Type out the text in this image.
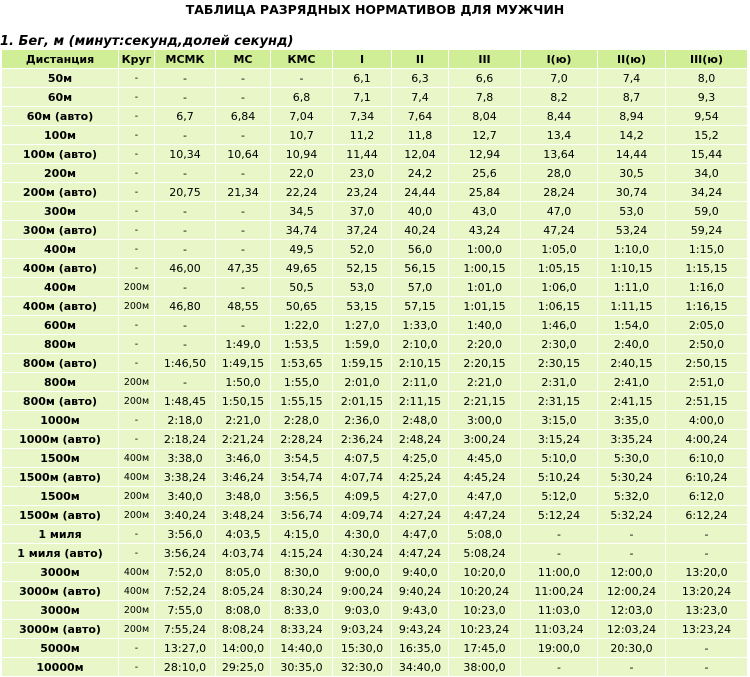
ТАБЛИЦА РАЗРЯДНЫХ НОРМАТИВОВ ДЛЯ МУЖЧИН
1. Бег, м (минут:секунд,долей секунд)
Дистанция	Круг	МСМК	МС	КМС	I	II	III	I(ю)	II(ю)	III(ю)
50м	-	-	-	-	6,1	6,3	6,6	7,0	7,4	8,0
60м	-	-	-	6,8	7,1	7,4	7,8	8,2	8,7	9,3
60м (авто)	-	6,7	6,84	7,04	7,34	7,64	8,04	8,44	8,94	9,54
100м	-	-	-	10,7	11,2	11,8	12,7	13,4	14,2	15,2
100м (авто)	-	10,34	10,64	10,94	11,44	12,04	12,94	13,64	14,44	15,44
200м	-	-	-	22,0	23,0	24,2	25,6	28,0	30,5	34,0
200м (авто)	-	20,75	21,34	22,24	23,24	24,44	25,84	28,24	30,74	34,24
300м	-	-	-	34,5	37,0	40,0	43,0	47,0	53,0	59,0
300м (авто)	-	-	-	34,74	37,24	40,24	43,24	47,24	53,24	59,24
400м	-	-	-	49,5	52,0	56,0	1:00,0	1:05,0	1:10,0	1:15,0
400м (авто)	-	46,00	47,35	49,65	52,15	56,15	1:00,15	1:05,15	1:10,15	1:15,15
400м	200м	-	-	50,5	53,0	57,0	1:01,0	1:06,0	1:11,0	1:16,0
400м (авто)	200м	46,80	48,55	50,65	53,15	57,15	1:01,15	1:06,15	1:11,15	1:16,15
600м	-	-	-	1:22,0	1:27,0	1:33,0	1:40,0	1:46,0	1:54,0	2:05,0
800м	-	-	1:49,0	1:53,5	1:59,0	2:10,0	2:20,0	2:30,0	2:40,0	2:50,0
800м (авто)	-	1:46,50	1:49,15	1:53,65	1:59,15	2:10,15	2:20,15	2:30,15	2:40,15	2:50,15
800м	200м	-	1:50,0	1:55,0	2:01,0	2:11,0	2:21,0	2:31,0	2:41,0	2:51,0
800м (авто)	200м	1:48,45	1:50,15	1:55,15	2:01,15	2:11,15	2:21,15	2:31,15	2:41,15	2:51,15
1000м	-	2:18,0	2:21,0	2:28,0	2:36,0	2:48,0	3:00,0	3:15,0	3:35,0	4:00,0
1000м (авто)	-	2:18,24	2:21,24	2:28,24	2:36,24	2:48,24	3:00,24	3:15,24	3:35,24	4:00,24
1500м	400м	3:38,0	3:46,0	3:54,5	4:07,5	4:25,0	4:45,0	5:10,0	5:30,0	6:10,0
1500м (авто)	400м	3:38,24	3:46,24	3:54,74	4:07,74	4:25,24	4:45,24	5:10,24	5:30,24	6:10,24
1500м	200м	3:40,0	3:48,0	3:56,5	4:09,5	4:27,0	4:47,0	5:12,0	5:32,0	6:12,0
1500м (авто)	200м	3:40,24	3:48,24	3:56,74	4:09,74	4:27,24	4:47,24	5:12,24	5:32,24	6:12,24
1 миля	-	3:56,0	4:03,5	4:15,0	4:30,0	4:47,0	5:08,0	-	-	-
1 миля (авто)	-	3:56,24	4:03,74	4:15,24	4:30,24	4:47,24	5:08,24	-	-	-
3000м	400м	7:52,0	8:05,0	8:30,0	9:00,0	9:40,0	10:20,0	11:00,0	12:00,0	13:20,0
3000м (авто)	400м	7:52,24	8:05,24	8:30,24	9:00,24	9:40,24	10:20,24	11:00,24	12:00,24	13:20,24
3000м	200м	7:55,0	8:08,0	8:33,0	9:03,0	9:43,0	10:23,0	11:03,0	12:03,0	13:23,0
3000м (авто)	200м	7:55,24	8:08,24	8:33,24	9:03,24	9:43,24	10:23,24	11:03,24	12:03,24	13:23,24
5000м	-	13:27,0	14:00,0	14:40,0	15:30,0	16:35,0	17:45,0	19:00,0	20:30,0	-
10000м	-	28:10,0	29:25,0	30:35,0	32:30,0	34:40,0	38:00,0	-	-	-
